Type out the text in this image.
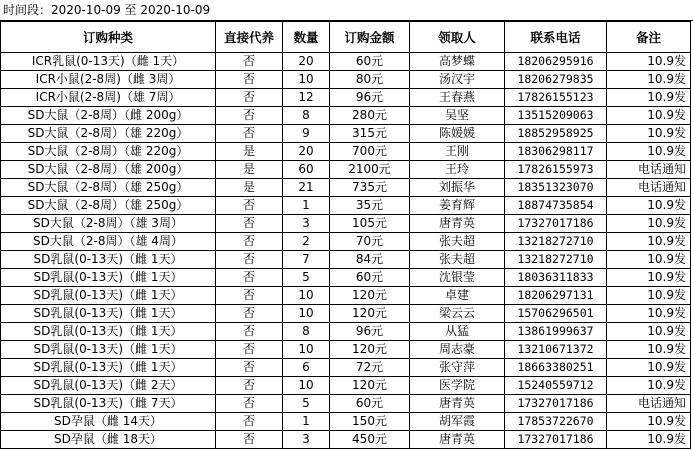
时间段：2020-10-09 至 2020-10-09
订购种类	直接代养	数量	订购金额	领取人	联系电话	备注
ICR乳鼠(0-13天)（雌 1天）	否	20	60元	高梦蝶	18206295916	10.9发
ICR小鼠(2-8周)（雌 3周）	否	10	80元	汤汉宇	18206279835	10.9发
ICR小鼠(2-8周)（雄 7周）	否	12	96元	王春燕	17826155123	10.9发
SD大鼠（2-8周）（雌 200g）	否	8	280元	吴坚	13515209063	10.9发
SD大鼠（2-8周）（雄 220g）	否	9	315元	陈媛媛	18852958925	10.9发
SD大鼠（2-8周）（雄 220g）	是	20	700元	王刚	18306298117	10.9发
SD大鼠（2-8周）（雄 200g）	是	60	2100元	王玲	17826155973	电话通知
SD大鼠（2-8周）（雄 250g）	是	21	735元	刘振华	18351323070	电话通知
SD大鼠（2-8周）（雄 250g）	否	1	35元	姜育辉	18874735854	10.9发
SD大鼠（2-8周）（雄 3周）	否	3	105元	唐青英	17327017186	10.9发
SD大鼠（2-8周）（雄 4周）	否	2	70元	张夫超	13218272710	10.9发
SD乳鼠(0-13天)（雌 1天）	否	7	84元	张夫超	13218272710	10.9发
SD乳鼠(0-13天)（雌 1天）	否	5	60元	沈银莹	18036311833	10.9发
SD乳鼠(0-13天)（雌 1天）	否	10	120元	卓建	18206297131	10.9发
SD乳鼠(0-13天)（雌 1天）	否	10	120元	梁云云	15706296501	10.9发
SD乳鼠(0-13天)（雌 1天）	否	8	96元	从猛	13861999637	10.9发
SD乳鼠(0-13天)（雌 1天）	否	10	120元	周志豪	13210671372	10.9发
SD乳鼠(0-13天)（雌 1天）	否	6	72元	张守萍	18663380251	10.9发
SD乳鼠(0-13天)（雌 2天）	否	10	120元	医学院	15240559712	10.9发
SD乳鼠(0-13天)（雌 7天）	否	5	60元	唐青英	17327017186	电话通知
SD孕鼠（雌 14天）	否	1	150元	胡军霞	17853722670	10.9发
SD孕鼠（雌 18天）	否	3	450元	唐青英	17327017186	10.9发
